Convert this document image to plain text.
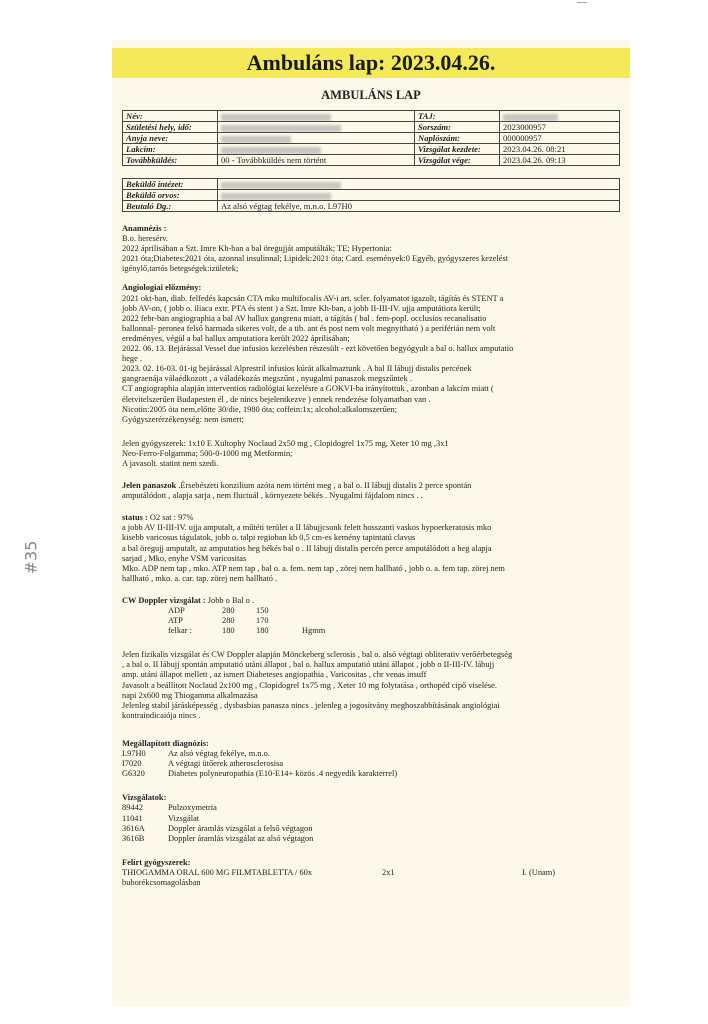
#35
Ambuláns lap: 2023.04.26.
AMBULÁNS LAP
Név:		TAJ:	
Születési hely, idő:		Sorszám:	2023000957
Anyja neve:		Naplószám:	000000957
Lakcím:		Vizsgálat kezdete:	2023.04.26. 08:21
Továbbküldés:	00 - Továbbküldés nem történt	Vizsgálat vége:	2023.04.26. 09:13
Beküldő intézet:	
Beküldő orvos:	
Beutaló Dg.:	Az alsó végtag fekélye, m.n.o. L97H0
Anamnézis :

B.o. heresérv.

2022 áprilisában a Szt. Imre Kh-ban a bal öregujját amputálták; TE; Hypertonia:

2021 óta;Diabetes:2021 óta, azonnal insulinnal; Lipidek:2021 óta; Card. események:0 Egyéb, gyógyszeres kezelést

igénylő,tartós betegségek:izületek;

Angiologiai előzmény:

2021 okt-ban, diab. felfedés kapcsán CTA mko multifocalis AV-i art. scler. folyamatot igazolt, tágítás és STENT a

jobb AV-on, ( jobb o. iliaca extr. PTA és stent ) a Szt. Imre Kh-ban, a jobb II-III-IV. ujja amputátiora került;

2022 febr-ban angiographia a bal AV hallux gangrena miatt, a tágítás ( bal . fem-popl. occlusios recanalisatio

ballonnal- peronea felső harmada sikeres volt, de a tib. ant és post nem volt megnyitható ) a periférián nem volt

eredményes, végül a bal hallux amputatiora került 2022 áprilisában;

2022. 06. 13. Bejárással Vessel due infusios kezelésben részesült - ezt követően begyógyult a bal o. hallux amputatio

hege .

2023. 02. 16-03. 01-ig bejárással Alprestril infusios kúrát alkalmaztunk . A bal II lábujj distalis percének

gangraenája válaédkozott , a váladékozás megszűnt , nyugalmi panaszok megszűntek .

CT angiographia alapján interventios radiológiai kezelésre a GOKVI-ba irányítottuk , azonban a lakcím miatt (

életvitelszerűen Budapesten él , de nincs bejelentkezve ) ennek rendezése folyamatban van .

Nicotin:2005 óta nem,előtte 30/die, 1980 óta; coffein:1x; alcohol:alkalomszerűen;

Gyógyszerérzékenység: nem ismert;

Jelen gyógyszerek: 1x10 E Xultophy Noclaud 2x50 mg , Clopidogrel 1x75 mg, Xeter 10 mg ,3x1

Neo-Ferro-Folgamma; 500-0-1000 mg Metformin;

A javasolt. statint nem szedi.

Jelen panaszok .Érsebészeti konzilium azóta nem történt meg , a bal o. II lábujj distalis 2 perce spontán

amputálódott , alapja sarja , nem fluctuál , környezete békés . Nyugalmi fájdalom nincs . .

status : O2 sat : 97%

a jobb AV II-III-IV. ujja amputalt, a műtéti terület a II lábujjcsonk felett hosszanti vaskos hypoerkeratosis mko

kisebb varicosus tágulatok, jobb o. talpi regioban kb 0,5 cm-es kemény tapintatú clavus

a bal öregujj amputalt, az amputatios heg békés bal o . II lábujj distalis percén perce amputálódott a heg alapja

sarjad , Mko, enyhe VSM varicositas

Mko. ADP nem tap , mko. ATP nem tap , bal o. a. fem. nem tap , zörej nem hallható , jobb o. a. fem tap. zörej nem

hallható , mko. a. car. tap. zörej nem hallható .

CW Doppler vizsgálat : Jobb o Bal o .

ADP	280	150	
ATP	280	170	
felkar :	180	180	Hgmm

Jelen fizikalis vizsgálat és CW Doppler alapján Mönckeberg sclerosis , bal o. alsó végtagi obliterativ verőérbetegség

, a bal o. II lábujj spontán amputatió utáni állapot , bal o. hallux amputatió utáni állapot , jobb o II-III-IV. lábujj

amp. utáni állapot mellett , az ismert Diabeteses angiopathia , Varicositas , chr venas insuff

Javasolt a beállított Noclaud 2x100 mg , Clopidogrel 1x75 mg , Xeter 10 mg folytatása , orthopéd cipő viselése.

napi 2x600 mg Thiogamma alkalmazása

Jelenleg stabil járásképesség , dysbasbias panasza nincs . jelenleg a jogosítvány meghoszabbításának angiológiai

kontraindicaiója nincs .

Megállapított diagnózis:
L97H0	Az alsó végtag fekélye, m.n.o.
I7020	A végtagi ütőerek atherosclerosisa
G6320	Diabetes polyneuropathia (E10-E14+ közös .4 negyedik karakterrel)
Vizsgálatok:
89442	Pulzoxymetria
11041	Vizsgálat
3616A	Doppler áramlás vizsgálat a felső végtagon
3616B	Doppler áramlás vizsgálat az alsó végtagon
Felírt gyógyszerek:
THIOGAMMA ORAL 600 MG FILMTABLETTA / 60x	2x1	I. (Unam)

buborékcsomagolásban
